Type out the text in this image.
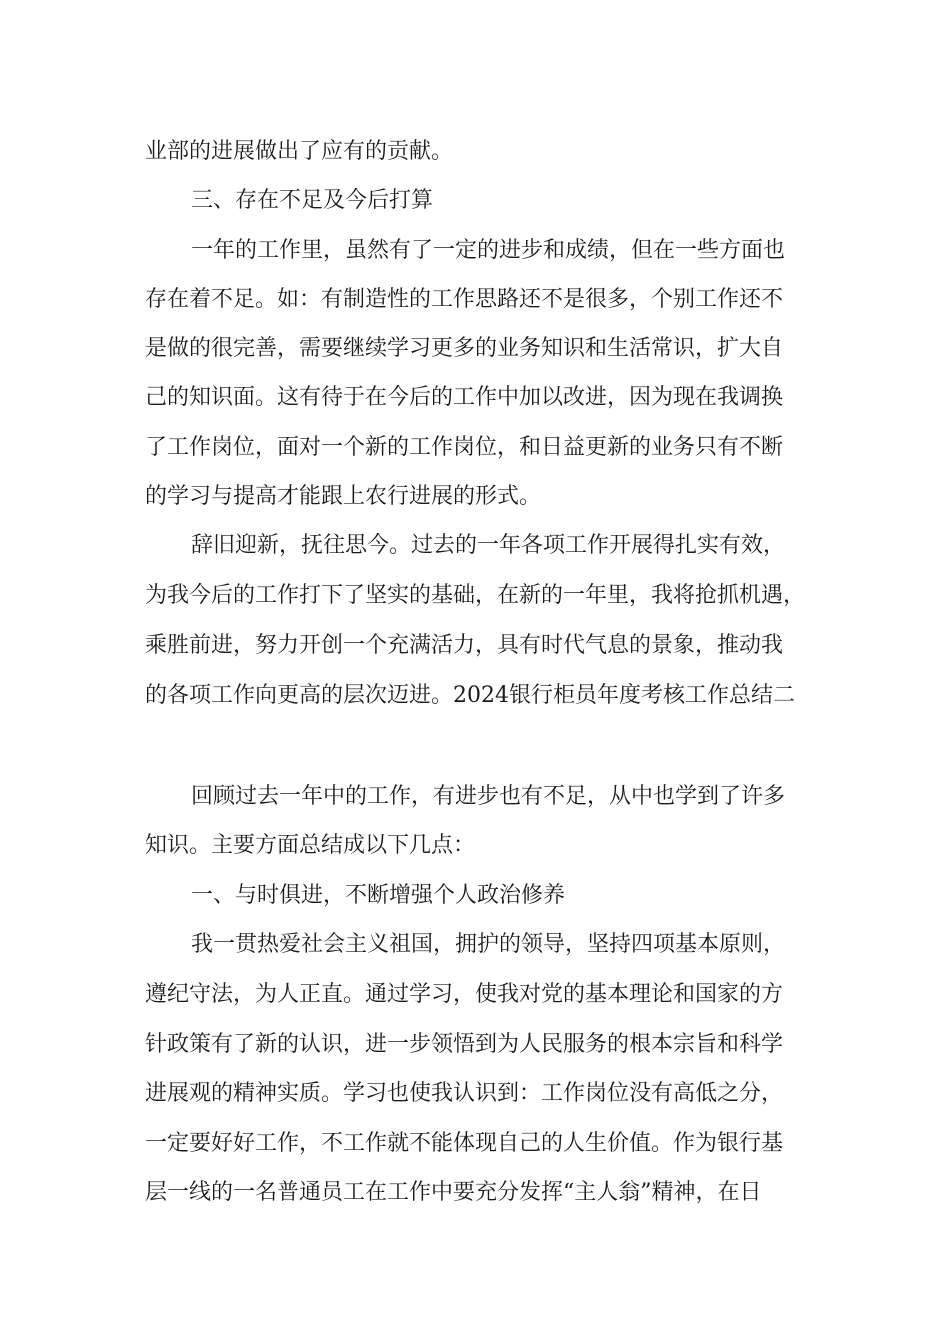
业部的进展做出了应有的贡献。
三、存在不足及今后打算
一年的工作里，虽然有了一定的进步和成绩，但在一些方面也
存在着不足。如：有制造性的工作思路还不是很多，个别工作还不
是做的很完善，需要继续学习更多的业务知识和生活常识，扩大自
己的知识面。这有待于在今后的工作中加以改进，因为现在我调换
了工作岗位，面对一个新的工作岗位，和日益更新的业务只有不断
的学习与提高才能跟上农行进展的形式。
辞旧迎新，抚往思今。过去的一年各项工作开展得扎实有效，
为我今后的工作打下了坚实的基础，在新的一年里，我将抢抓机遇，
乘胜前进，努力开创一个充满活力，具有时代气息的景象，推动我
的各项工作向更高的层次迈进。2024银行柜员年度考核工作总结二
回顾过去一年中的工作，有进步也有不足，从中也学到了许多
知识。主要方面总结成以下几点：
一、与时俱进，不断增强个人政治修养
我一贯热爱社会主义祖国，拥护的领导，坚持四项基本原则，
遵纪守法，为人正直。通过学习，使我对党的基本理论和国家的方
针政策有了新的认识，进一步领悟到为人民服务的根本宗旨和科学
进展观的精神实质。学习也使我认识到：工作岗位没有高低之分，
一定要好好工作，不工作就不能体现自己的人生价值。作为银行基
层一线的一名普通员工在工作中要充分发挥“主人翁”精神，在日
